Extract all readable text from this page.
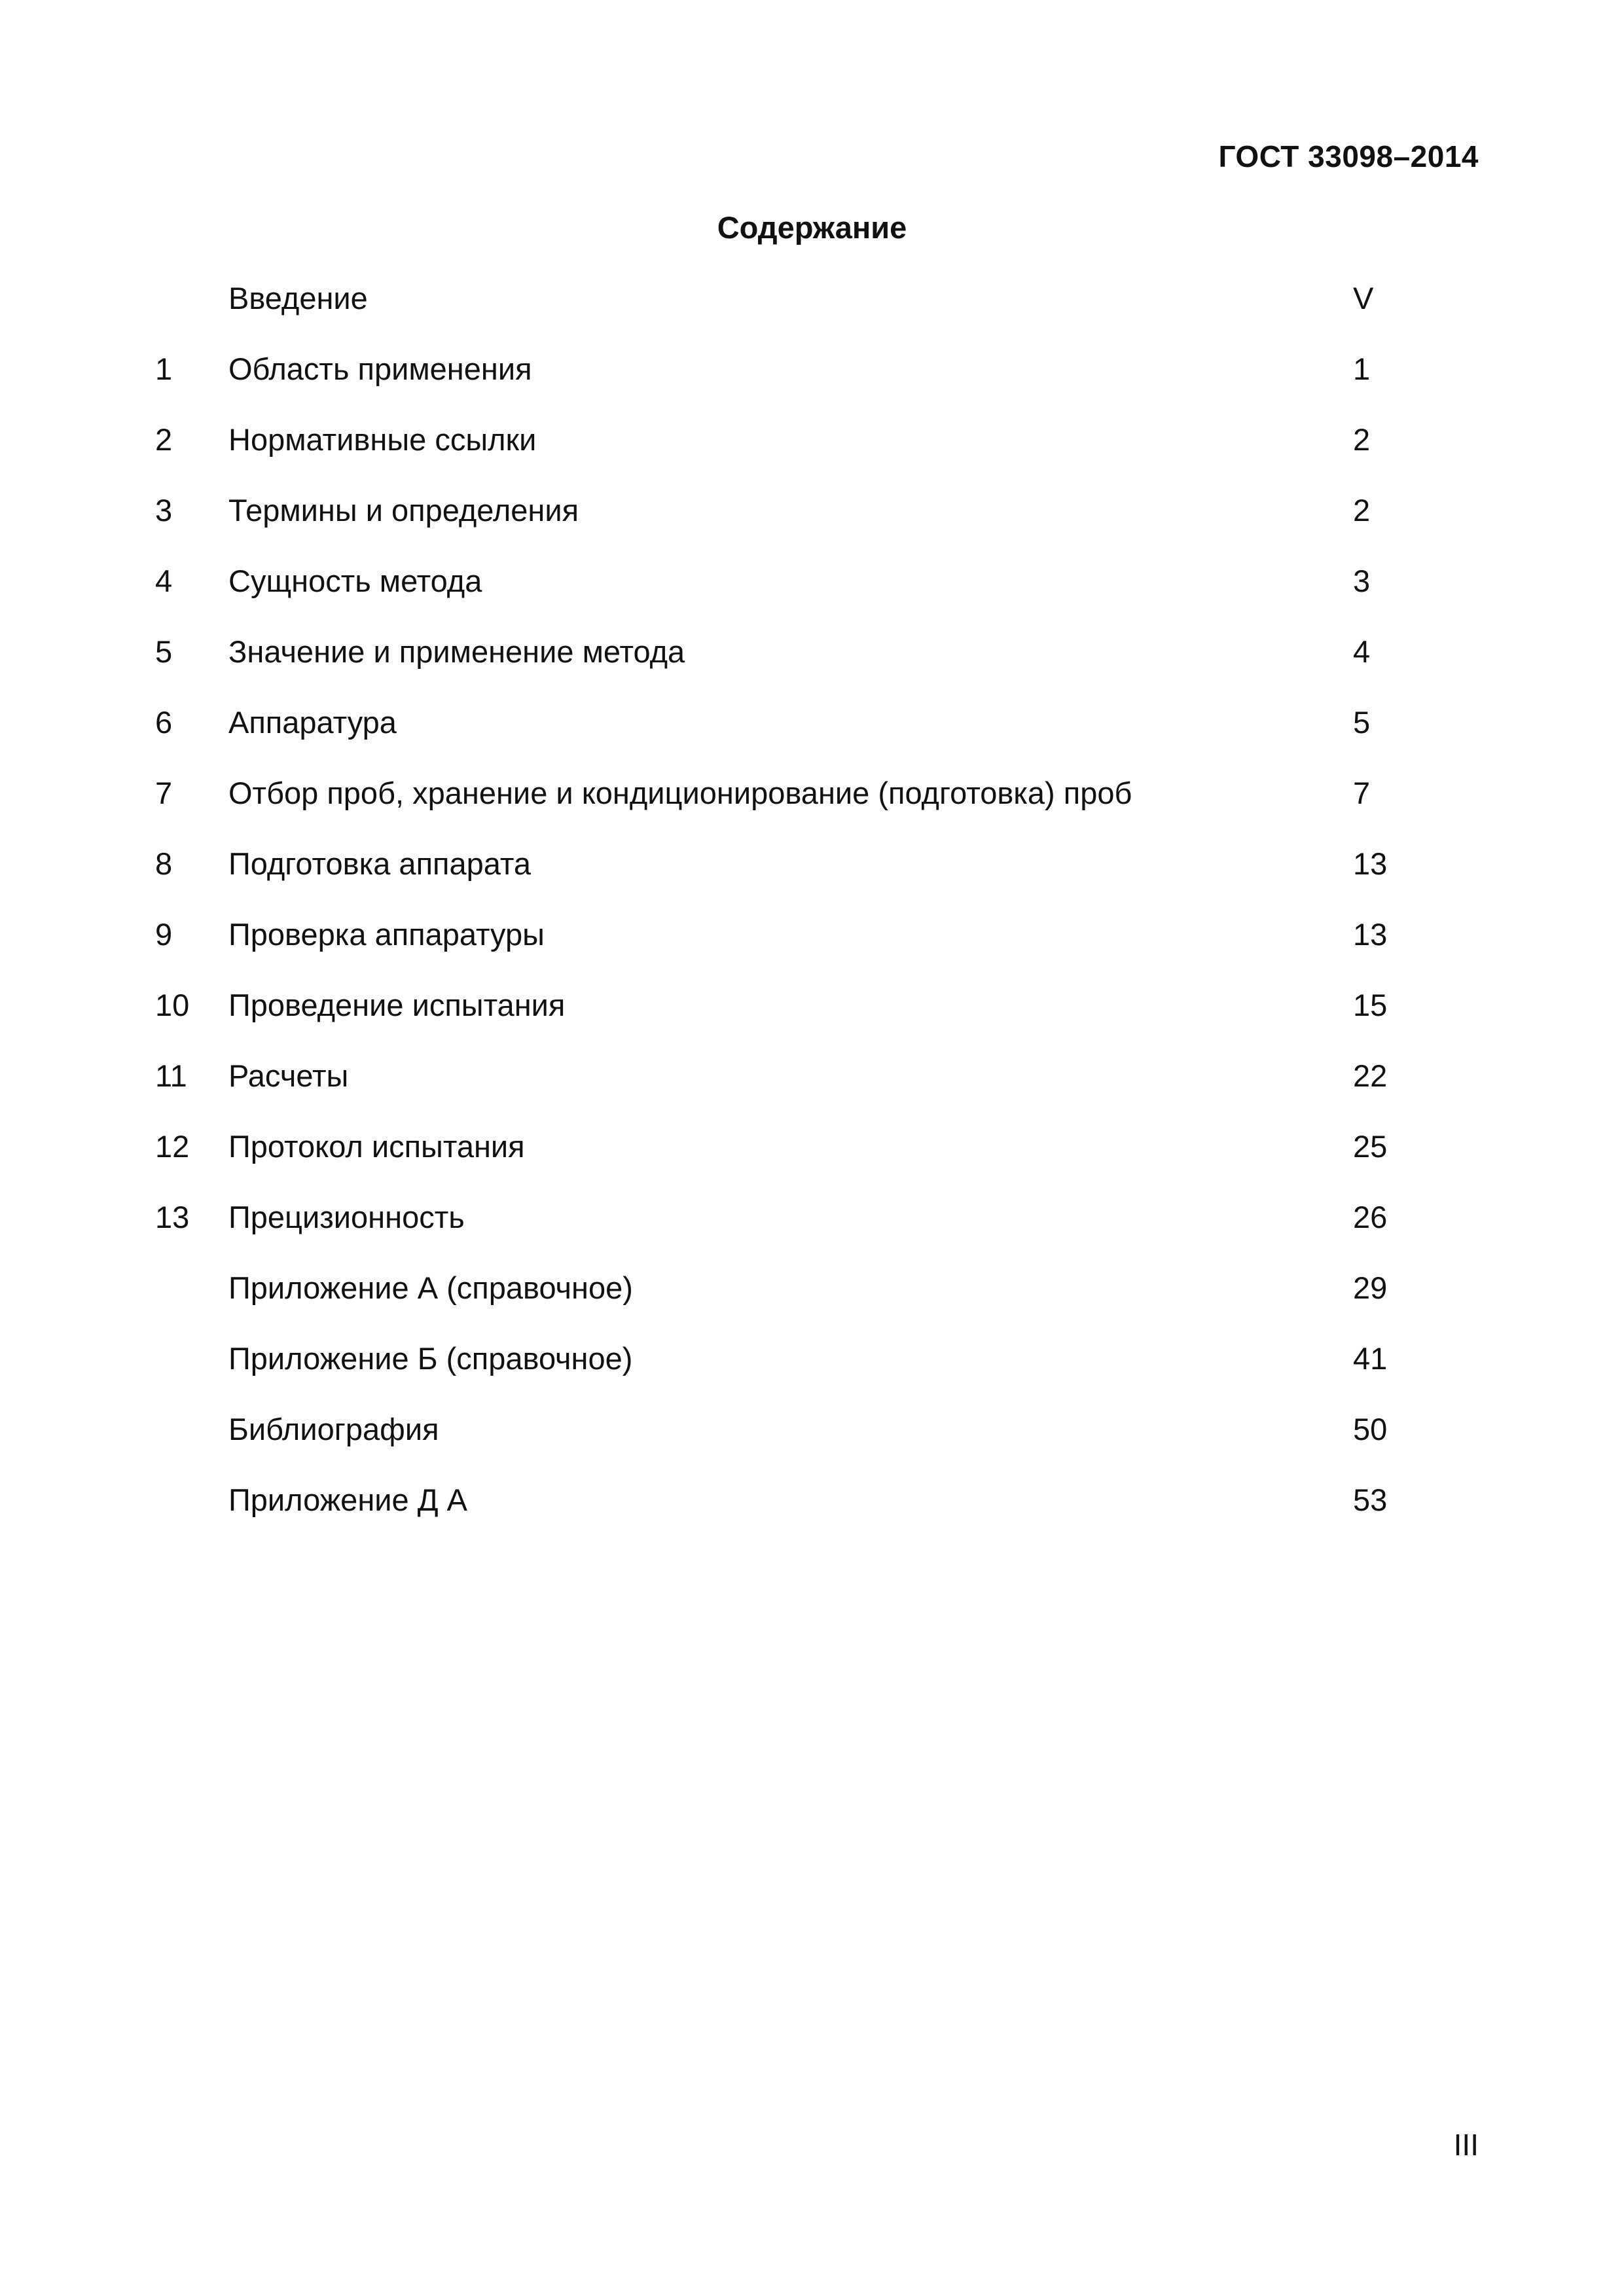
ГОСТ 33098–2014
Содержание
Введение	V
1 Область применения	1
2 Нормативные ссылки	2
3 Термины и определения	2
4 Сущность метода	3
5 Значение и применение метода	4
6 Аппаратура	5
7 Отбор проб, хранение и кондиционирование (подготовка) проб	7
8 Подготовка аппарата	13
9 Проверка аппаратуры	13
10 Проведение испытания	15
11 Расчеты	22
12 Протокол испытания	25
13 Прецизионность	26
Приложение А (справочное)	29
Приложение Б (справочное)	41
Библиография	50
Приложение Д А	53
III
